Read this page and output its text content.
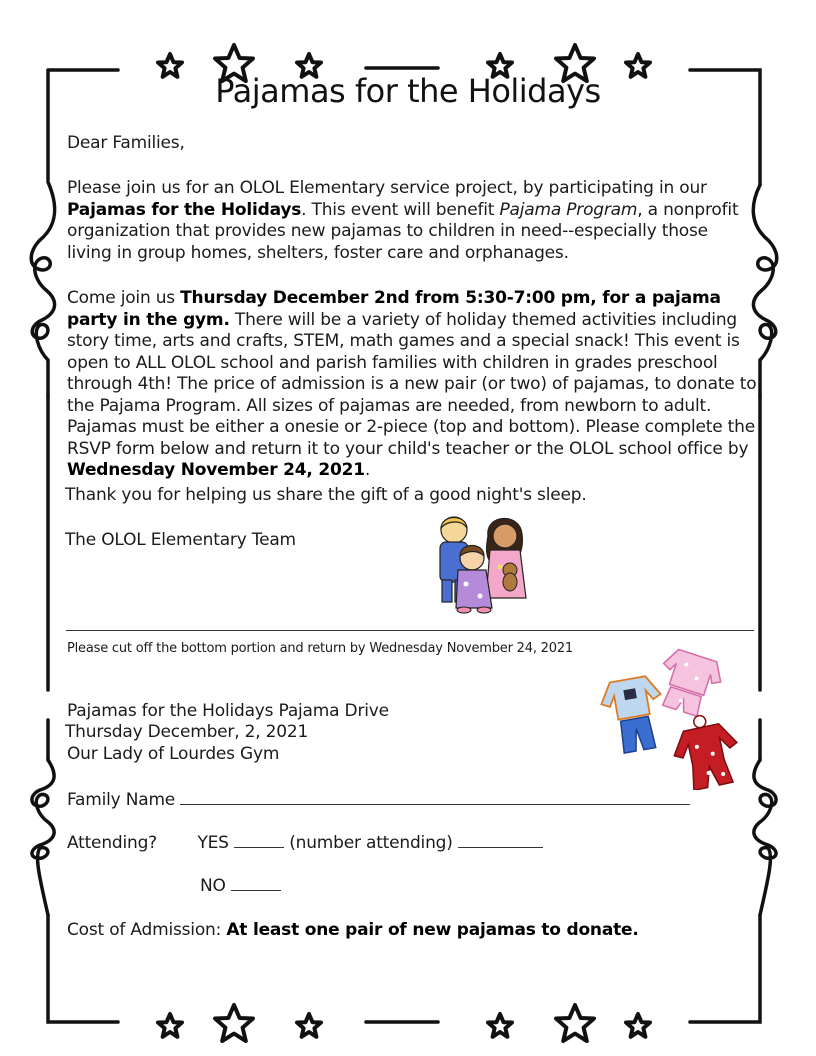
Pajamas for the Holidays
Dear Families,
Please join us for an OLOL Elementary service project, by participating in our Pajamas for the Holidays. This event will benefit Pajama Program, a nonprofit organization that provides new pajamas to children in need--especially those living in group homes, shelters, foster care and orphanages.
Come join us Thursday December 2nd from 5:30-7:00 pm, for a pajama party in the gym. There will be a variety of holiday themed activities including story time, arts and crafts, STEM, math games and a special snack! This event is open to ALL OLOL school and parish families with children in grades preschool through 4th! The price of admission is a new pair (or two) of pajamas, to donate to the Pajama Program. All sizes of pajamas are needed, from newborn to adult. Pajamas must be either a onesie or 2-piece (top and bottom). Please complete the RSVP form below and return it to your child's teacher or the OLOL school office by Wednesday November 24, 2021.
Thank you for helping us share the gift of a good night's sleep.
The OLOL Elementary Team
Please cut off the bottom portion and return by Wednesday November 24, 2021
Pajamas for the Holidays Pajama Drive
Thursday December, 2, 2021
Our Lady of Lourdes Gym
Family Name
Attending? YES	(number attending)
NO
Cost of Admission: At least one pair of new pajamas to donate.
